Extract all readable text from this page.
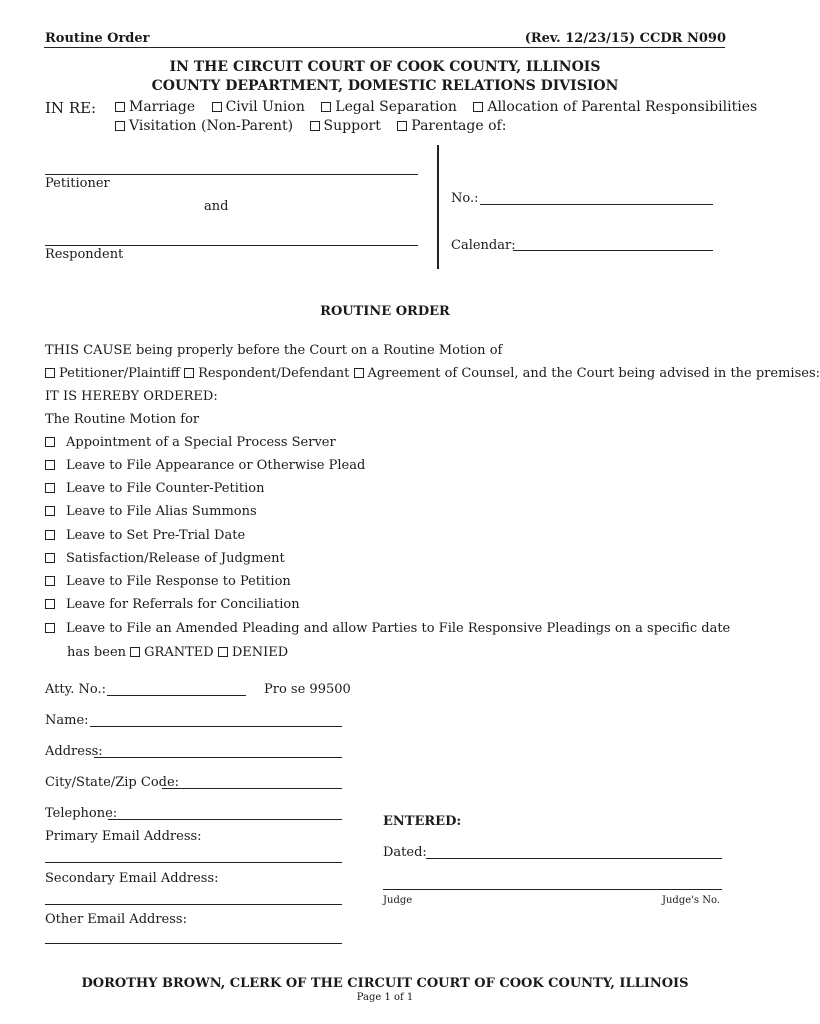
Routine Order	(Rev. 12/23/15) CCDR N090
IN THE CIRCUIT COURT OF COOK COUNTY, ILLINOIS
COUNTY DEPARTMENT, DOMESTIC RELATIONS DIVISION
IN RE:	Marriage Civil Union Legal Separation Allocation of Parental Responsibilities
Visitation (Non-Parent) Support Parentage of:
Petitioner
and
Respondent
No.:
Calendar:
ROUTINE ORDER
THIS CAUSE being properly before the Court on a Routine Motion of
Petitioner/Plaintiff Respondent/Defendant Agreement of Counsel, and the Court being advised in the premises:
IT IS HEREBY ORDERED:
The Routine Motion for
Appointment of a Special Process Server
Leave to File Appearance or Otherwise Plead
Leave to File Counter-Petition
Leave to File Alias Summons
Leave to Set Pre-Trial Date
Satisfaction/Release of Judgment
Leave to File Response to Petition
Leave for Referrals for Conciliation
Leave to File an Amended Pleading and allow Parties to File Responsive Pleadings on a specific date
has been GRANTED DENIED
Atty. No.:	Pro se 99500
Name:
Address:
City/State/Zip Code:
Telephone:
Primary Email Address:
Secondary Email Address:
Other Email Address:
ENTERED:
Dated:
Judge	Judge's No.
DOROTHY BROWN, CLERK OF THE CIRCUIT COURT OF COOK COUNTY, ILLINOIS
Page 1 of 1
